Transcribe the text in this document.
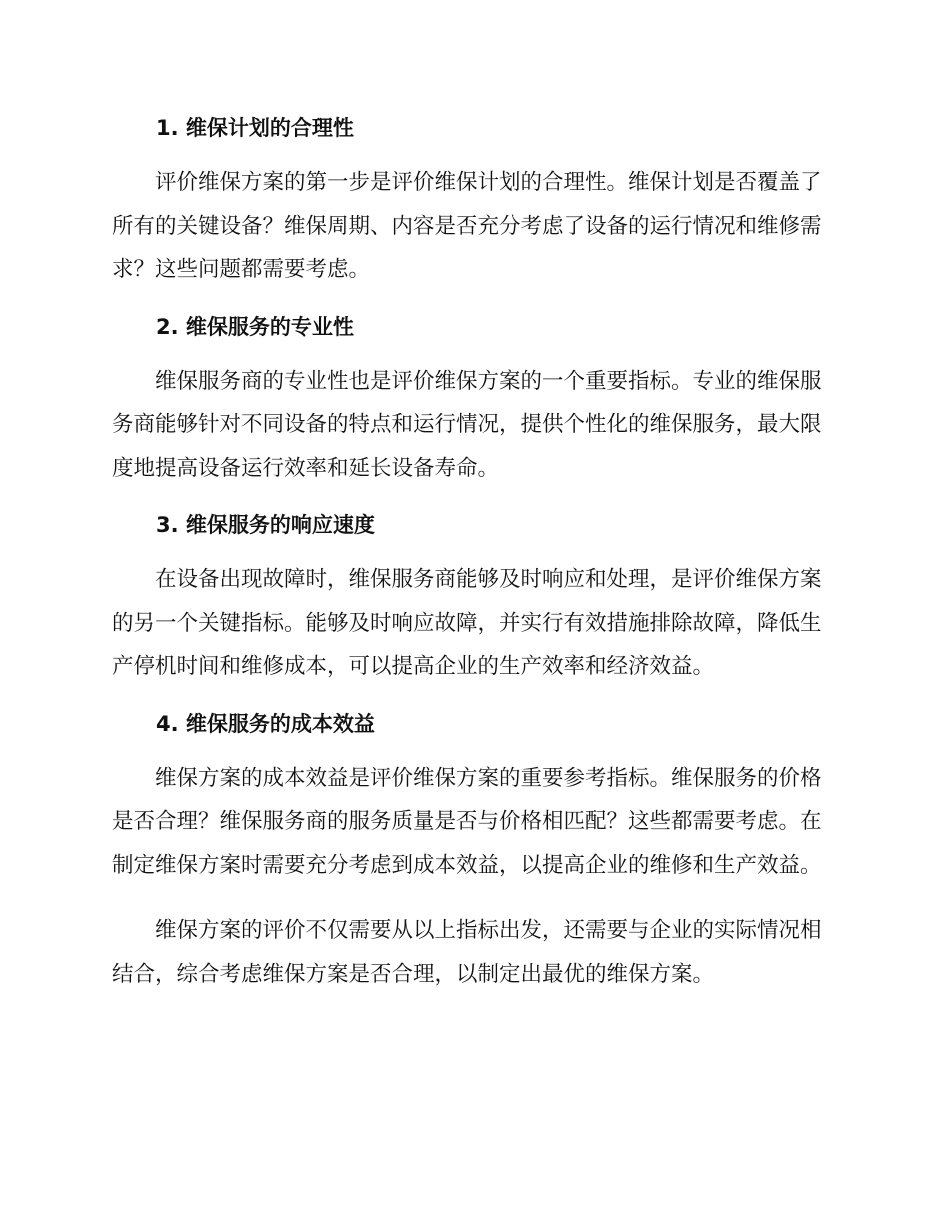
1. 维保计划的合理性

评价维保方案的第一步是评价维保计划的合理性。维保计划是否覆盖了
所有的关键设备？维保周期、内容是否充分考虑了设备的运行情况和维修需
求？这些问题都需要考虑。

2. 维保服务的专业性

维保服务商的专业性也是评价维保方案的一个重要指标。专业的维保服
务商能够针对不同设备的特点和运行情况，提供个性化的维保服务，最大限
度地提高设备运行效率和延长设备寿命。

3. 维保服务的响应速度

在设备出现故障时，维保服务商能够及时响应和处理，是评价维保方案
的另一个关键指标。能够及时响应故障，并实行有效措施排除故障，降低生
产停机时间和维修成本，可以提高企业的生产效率和经济效益。

4. 维保服务的成本效益

维保方案的成本效益是评价维保方案的重要参考指标。维保服务的价格
是否合理？维保服务商的服务质量是否与价格相匹配？这些都需要考虑。在
制定维保方案时需要充分考虑到成本效益，以提高企业的维修和生产效益。

维保方案的评价不仅需要从以上指标出发，还需要与企业的实际情况相
结合，综合考虑维保方案是否合理，以制定出最优的维保方案。
